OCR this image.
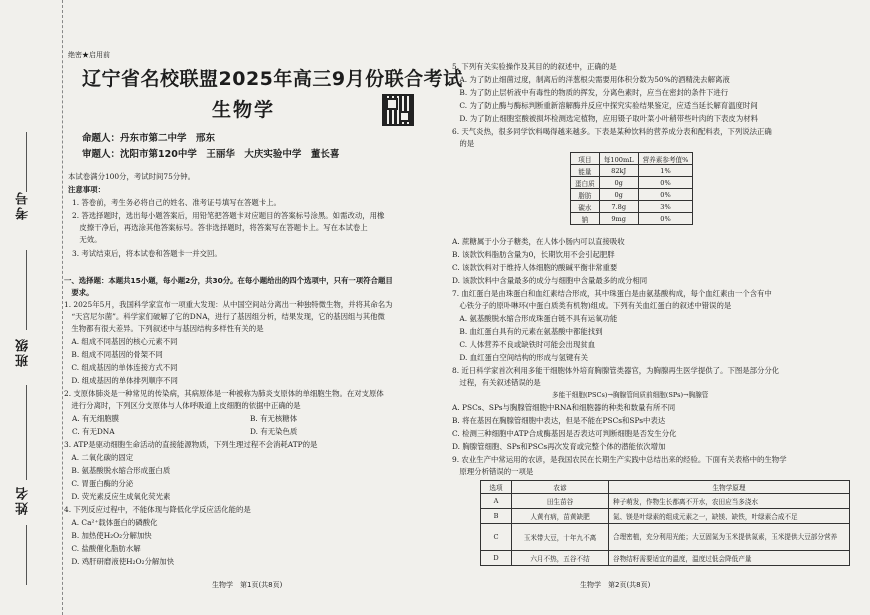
考号
班级
姓名
绝密★启用前
辽宁省名校联盟2025年高三9月份联合考试
生物学
命题人：丹东市第二中学　邢东
审题人：沈阳市第120中学　王丽华　大庆实验中学　董长喜
本试卷满分100分，考试时间75分钟。
注意事项：
1. 答卷前，考生务必将自己的姓名、准考证号填写在答题卡上。
2. 答选择题时，选出每小题答案后，用铅笔把答题卡对应题目的答案标号涂黑。如需改动，用橡
　皮擦干净后，再选涂其他答案标号。答非选择题时，将答案写在答题卡上。写在本试卷上
　无效。
3. 考试结束后，将本试卷和答题卡一并交回。
一、选择题：本题共15小题，每小题2分，共30分。在每小题给出的四个选项中，只有一项符合题目
　要求。
1. 2025年5月，我国科学家宣布一项重大发现：从中国空间站分离出一种独特微生物，并将其命名为
　“天宫尼尔菌”。科学家们破解了它的DNA，进行了基因组分析，结果发现，它的基因组与其他微
　生物都有很大差异。下列叙述中与基因结构多样性有关的是
　A. 组成不同基因的核心元素不同
　B. 组成不同基因的骨架不同
　C. 组成基因的单体连接方式不同
　D. 组成基因的单体排列顺序不同
2. 支原体肺炎是一种常见的传染病，其病原体是一种被称为肺炎支原体的单细胞生物。在对支原体
　进行分离时，下列区分支原体与人体呼吸道上皮细胞的依据中正确的是
A. 有无细胞膜	B. 有无核糖体
C. 有无DNA	D. 有无染色质
3. ATP是驱动细胞生命活动的直接能源物质，下列生理过程不会消耗ATP的是
　A. 二氧化碳的固定
　B. 氨基酸脱水缩合形成蛋白质
　C. 胃蛋白酶的分泌
　D. 荧光素反应生成氧化荧光素
4. 下列反应过程中，不能体现与降低化学反应活化能的是
　A. Ca²⁺载体蛋白的磷酸化
　B. 加热使H₂O₂分解加快
　C. 盐酸催化脂肪水解
　D. 鸡肝研磨液使H₂O₂分解加快
生物学　第1页(共8页)
5. 下列有关实验操作及其目的的叙述中，正确的是
　A. 为了防止细菌过度，制离后的洋葱根尖需要用体积分数为50%的酒精洗去解离液
　B. 为了防止层析液中有毒性的物质的挥发，分离色素时，应当在密封的条件下进行
　C. 为了防止酶与酶标判断重新溶解酶并反应中探究实验结果鉴定，应适当延长解育温度时间
　D. 为了防止细胞室酸被损坏检测选定植物，应用镊子取叶菜小叶稍带些叶肉的下表皮为材料
6. 天气炎热，很多同学饮料喝得越来越多。下表是某种饮料的营养成分表和配料表，下列说法正确
　的是
项目	每100mL	营养素参考值%
能量	82kJ	1%
蛋白质	0g	0%
脂肪	0g	0%
碳水	7.8g	3%
钠	9mg	0%
A. 蔗糖属于小分子糖类，在人体小肠内可以直接吸收
B. 该款饮料脂肪含量为0，长期饮用不会引起肥胖
C. 该款饮料对于维持人体细胞的酸碱平衡非常重要
D. 该款饮料中含量最多的成分与细胞中含量最多的成分相同
7. 血红蛋白是由珠蛋白和血红素结合形成，其中珠蛋白是由氨基酸构成，每个血红素由一个含有中
　心铁分子的原卟啉环(中蛋白质类有机物)组成。下列有关血红蛋白的叙述中错误的是
　A. 氨基酸脱水缩合形成珠蛋白链不具有运氧功能
　B. 血红蛋白具有的元素在氨基酸中都能找到
　C. 人体营养不良或缺铁时可能会出现贫血
　D. 血红蛋白空间结构的形成与氢键有关
8. 近日科学家首次利用多能干细胞体外培育胸腺管类器官，为胸腺再生医学提供了。下图是部分分化
　过程，有关叙述错误的是
多能干细胞(PSCs)→胸腺管间质前细胞(SPs)→胸腺管
A. PSCs、SPs与胸腺管细胞中RNA和细胞器的种类和数量有所不同
B. 将在基因在胸腺管细胞中表达，但是不能在PSCs和SPs中表达
C. 检测三种细胞中ATP合成酶基因是否表达可判断细胞是否发生分化
D. 胸腺管细胞、SPs和PSCs再次发育或完整个体的潜能依次增加
9. 农业生产中常运用的农谚，是我国农民在长期生产实践中总结出来的经验。下面有关表格中的生物学
　原理分析错误的一项是
选项	农谚	生物学原理
A	田生苗谷	种子萌发，作物生长都离不开水，农田应当多浇水
B	人黄有病，苗黄缺肥	氮、镁是叶绿素的组成元素之一，缺镁、缺铁，叶绿素合成不足
C	玉米带大豆，十年九不离	合理密植，充分利用光能；大豆固氮为玉米提供氮素，玉米提供大豆部分营养
D	六月不热，五谷不结	谷物结籽需要适宜的温度，温度过低会降低产量
生物学　第2页(共8页)
